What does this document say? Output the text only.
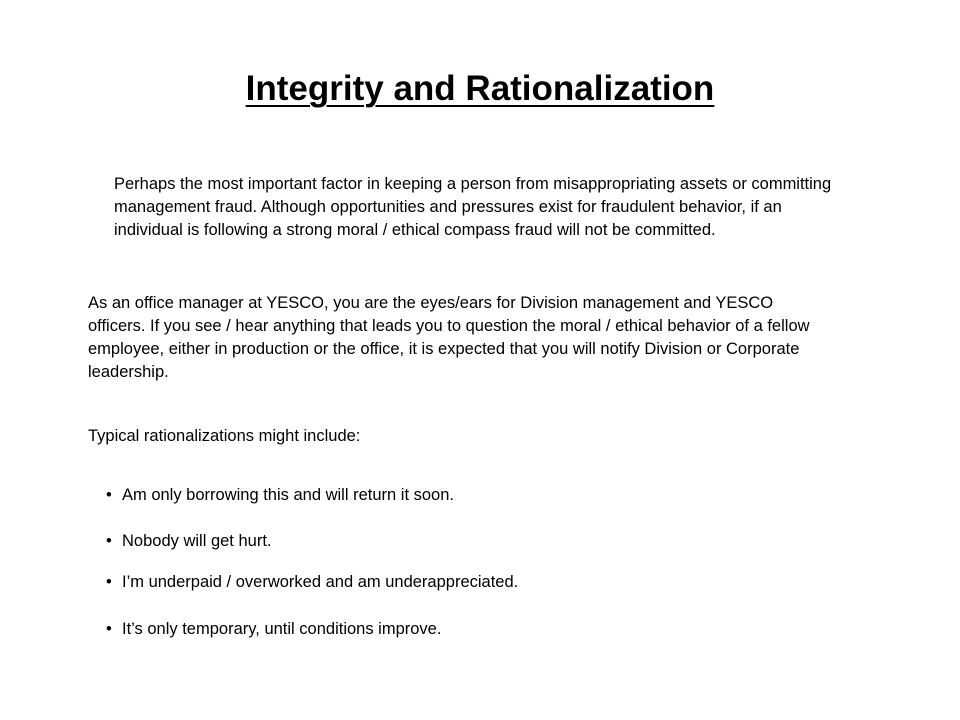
Integrity and Rationalization

Perhaps the most important factor in keeping a person from misappropriating assets or committing management fraud. Although opportunities and pressures exist for fraudulent behavior, if an individual is following a strong moral / ethical compass fraud will not be committed.

As an office manager at YESCO, you are the eyes/ears for Division management and YESCO officers. If you see / hear anything that leads you to question the moral / ethical behavior of a fellow employee, either in production or the office, it is expected that you will notify Division or Corporate leadership.

Typical rationalizations might include:

• Am only borrowing this and will return it soon.
• Nobody will get hurt.
• I’m underpaid / overworked and am underappreciated.
• It’s only temporary, until conditions improve.
